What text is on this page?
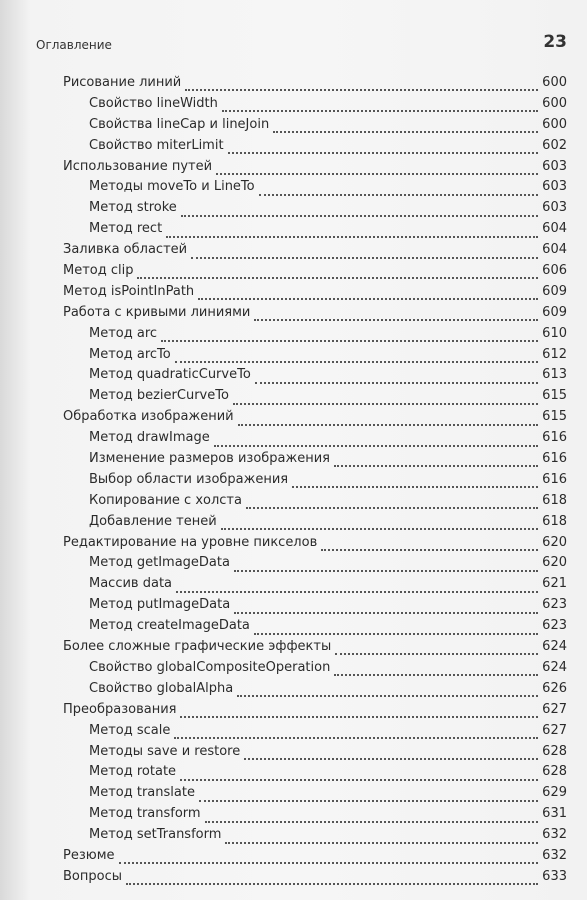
Оглавление	23
Рисование линий	600
Свойство lineWidth	600
Свойства lineCap и lineJoin	600
Свойство miterLimit	602
Использование путей	603
Методы moveTo и LineTo	603
Метод stroke	603
Метод rect	604
Заливка областей	604
Метод clip	606
Метод isPointInPath	609
Работа с кривыми линиями	609
Метод arc	610
Метод arcTo	612
Метод quadraticCurveTo	613
Метод bezierCurveTo	615
Обработка изображений	615
Метод drawImage	616
Изменение размеров изображения	616
Выбор области изображения	616
Копирование с холста	618
Добавление теней	618
Редактирование на уровне пикселов	620
Метод getImageData	620
Массив data	621
Метод putImageData	623
Метод createImageData	623
Более сложные графические эффекты	624
Свойство globalCompositeOperation	624
Свойство globalAlpha	626
Преобразования	627
Метод scale	627
Методы save и restore	628
Метод rotate	628
Метод translate	629
Метод transform	631
Метод setTransform	632
Резюме	632
Вопросы	633
